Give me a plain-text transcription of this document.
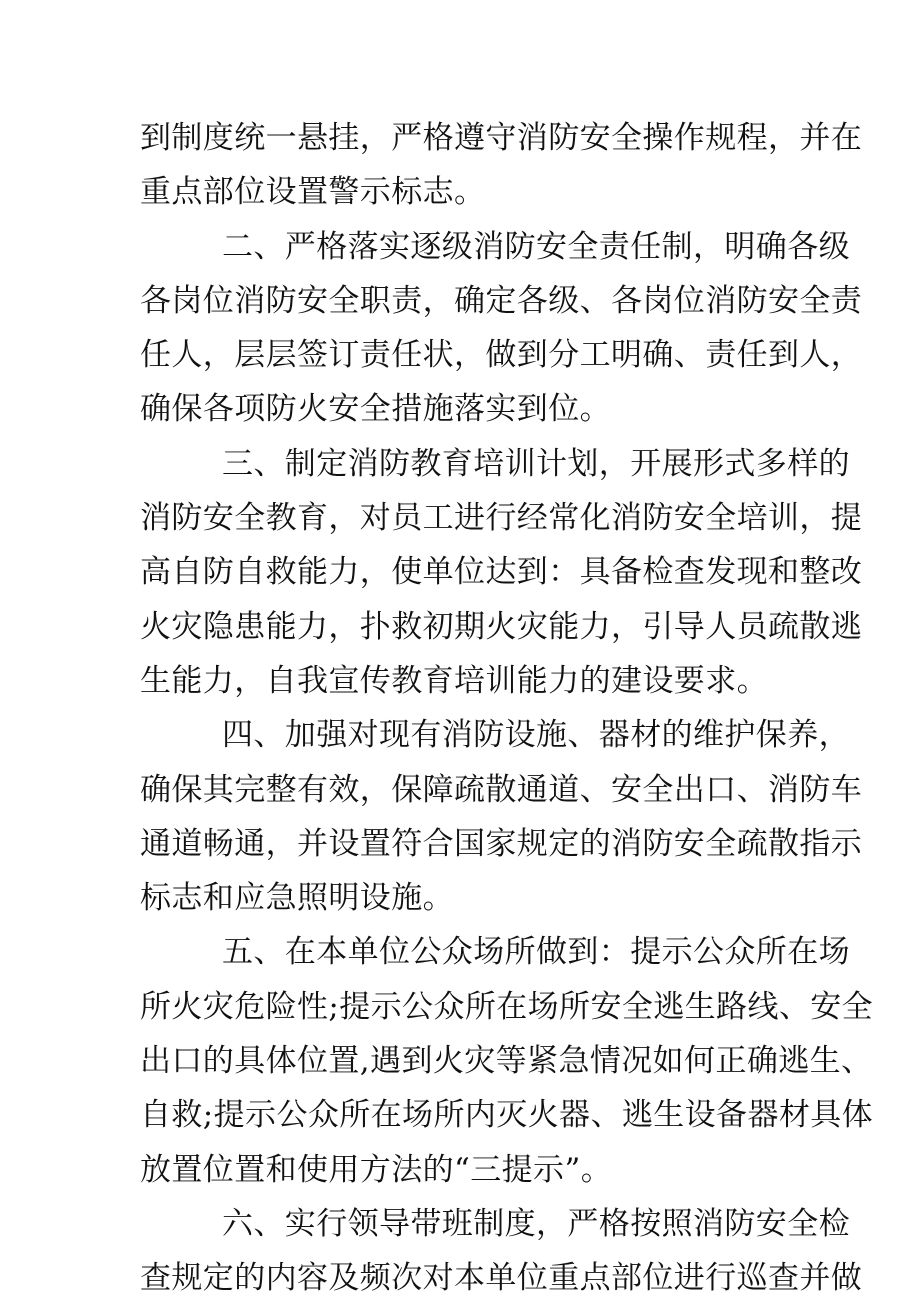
到制度统一悬挂，严格遵守消防安全操作规程，并在

重点部位设置警示标志。

二、严格落实逐级消防安全责任制，明确各级

各岗位消防安全职责，确定各级、各岗位消防安全责

任人，层层签订责任状，做到分工明确、责任到人，

确保各项防火安全措施落实到位。

三、制定消防教育培训计划，开展形式多样的

消防安全教育，对员工进行经常化消防安全培训，提

高自防自救能力，使单位达到：具备检查发现和整改

火灾隐患能力，扑救初期火灾能力，引导人员疏散逃

生能力，自我宣传教育培训能力的建设要求。

四、加强对现有消防设施、器材的维护保养，

确保其完整有效，保障疏散通道、安全出口、消防车

通道畅通，并设置符合国家规定的消防安全疏散指示

标志和应急照明设施。

五、在本单位公众场所做到：提示公众所在场

所火灾危险性;提示公众所在场所安全逃生路线、安全

出口的具体位置,遇到火灾等紧急情况如何正确逃生、

自救;提示公众所在场所内灭火器、逃生设备器材具体

放置位置和使用方法的“三提示”。

六、实行领导带班制度，严格按照消防安全检

查规定的内容及频次对本单位重点部位进行巡查并做
